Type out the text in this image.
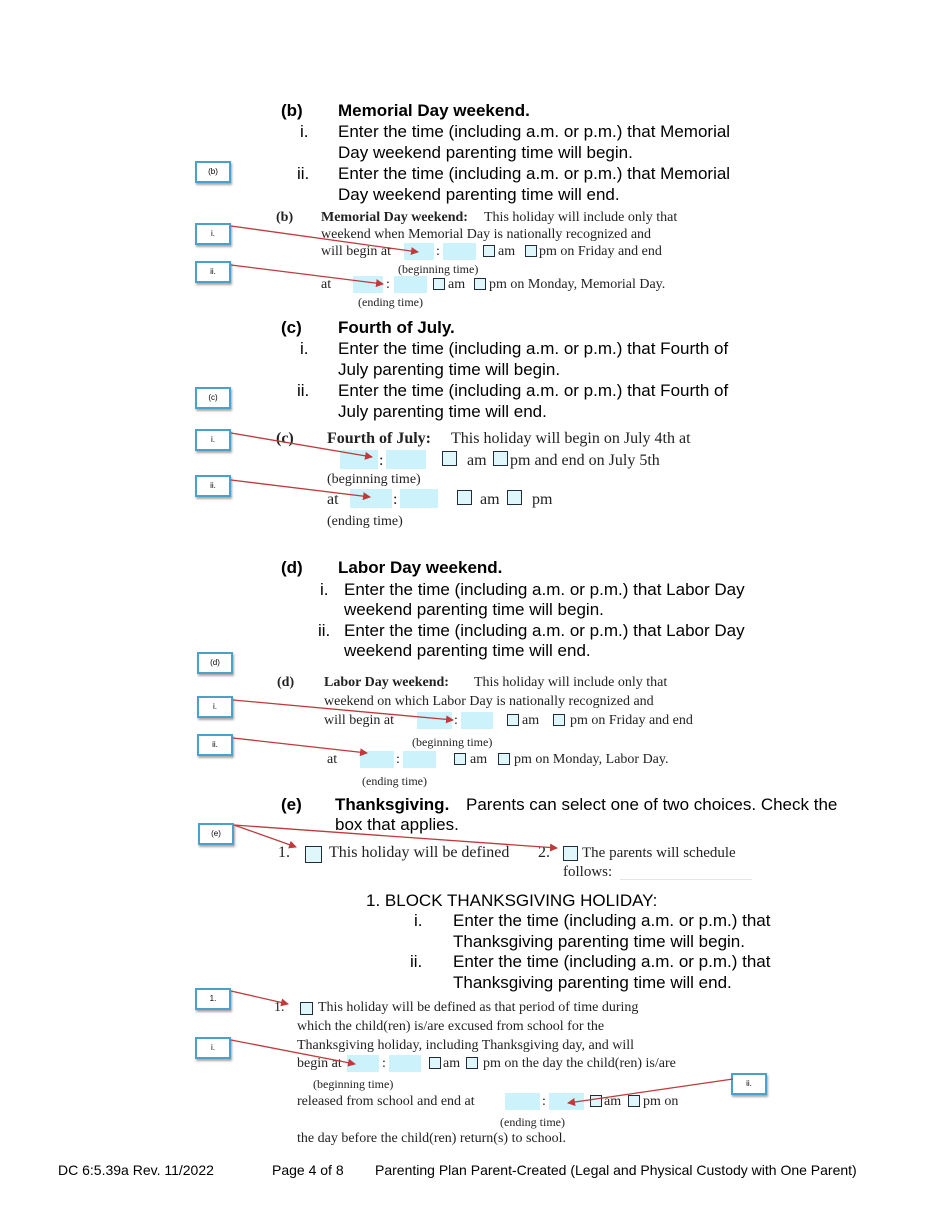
(b) Memorial Day weekend.
i. Enter the time (including a.m. or p.m.) that Memorial
Day weekend parenting time will begin.
ii. Enter the time (including a.m. or p.m.) that Memorial
Day weekend parenting time will end.
(b) Memorial Day weekend: This holiday will include only that
weekend when Memorial Day is nationally recognized and
will begin at	:	am pm on Friday and end
(beginning time)
at	:	am pm on Monday, Memorial Day.
(ending time)
(c) Fourth of July.
i. Enter the time (including a.m. or p.m.) that Fourth of
July parenting time will begin.
ii. Enter the time (including a.m. or p.m.) that Fourth of
July parenting time will end.
(c) Fourth of July: This holiday will begin on July 4th at
:	am pm and end on July 5th
(beginning time)
at	:	am pm
(ending time)
(d) Labor Day weekend.
i. Enter the time (including a.m. or p.m.) that Labor Day
weekend parenting time will begin.
ii. Enter the time (including a.m. or p.m.) that Labor Day
weekend parenting time will end.
(d) Labor Day weekend: This holiday will include only that
weekend on which Labor Day is nationally recognized and
will begin at	:	am pm on Friday and end
(beginning time)
at	:	am pm on Monday, Labor Day.
(ending time)
(e) Thanksgiving. Parents can select one of two choices. Check the
box that applies.
1. This holiday will be defined 2. The parents will schedule
follows:
1. BLOCK THANKSGIVING HOLIDAY:
i. Enter the time (including a.m. or p.m.) that
Thanksgiving parenting time will begin.
ii. Enter the time (including a.m. or p.m.) that
Thanksgiving parenting time will end.
1. This holiday will be defined as that period of time during
which the child(ren) is/are excused from school for the
Thanksgiving holiday, including Thanksgiving day, and will
begin at	:	am pm on the day the child(ren) is/are
(beginning time)
released from school and end at	:	am pm on
(ending time)
the day before the child(ren) return(s) to school.
(b)
i.
ii.
(c)
i.
ii.
(d)
i.
ii.
(e)
1.
i.
ii.
DC 6:5.39a Rev. 11/2022	Page 4 of 8 Parenting Plan Parent-Created (Legal and Physical Custody with One Parent)
